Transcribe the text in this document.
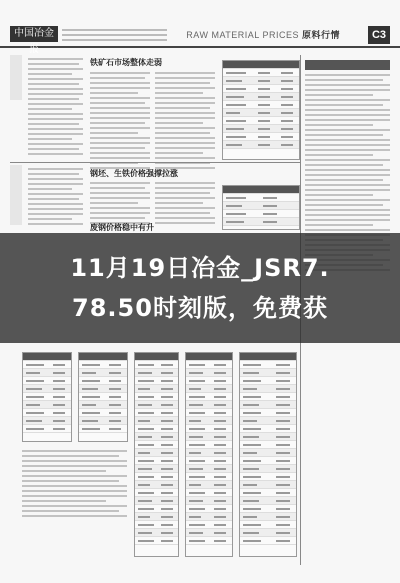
中国冶金报
RAW MATERIAL PRICES 原料行情	C3
铁矿石市场整体走弱
钢坯、生铁价格强撑拉涨
废钢价格稳中有升
11月19日冶金_JSR7.
78.50时刻版，免费获
